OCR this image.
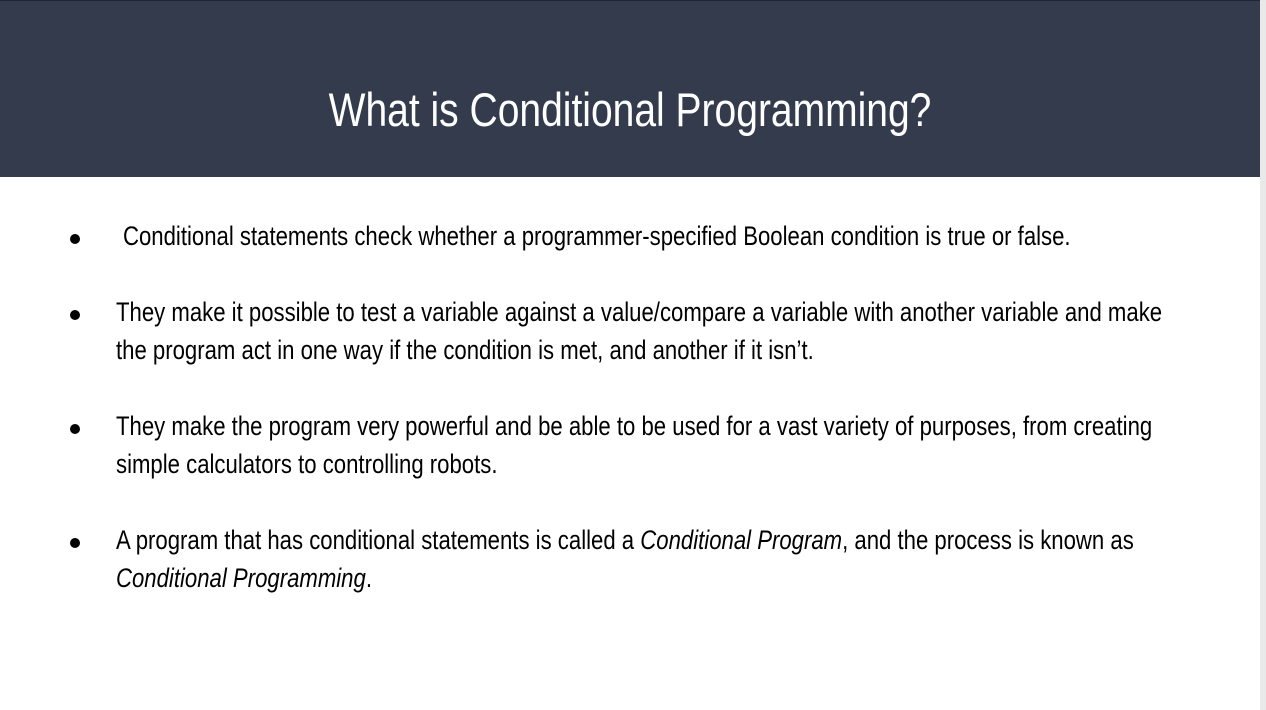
What is Conditional Programming?
Conditional statements check whether a programmer-specified Boolean condition is true or false.
They make it possible to test a variable against a value/compare a variable with another variable and make
the program act in one way if the condition is met, and another if it isn’t.
They make the program very powerful and be able to be used for a vast variety of purposes, from creating
simple calculators to controlling robots.
A program that has conditional statements is called a Conditional Program, and the process is known as
Conditional Programming.
